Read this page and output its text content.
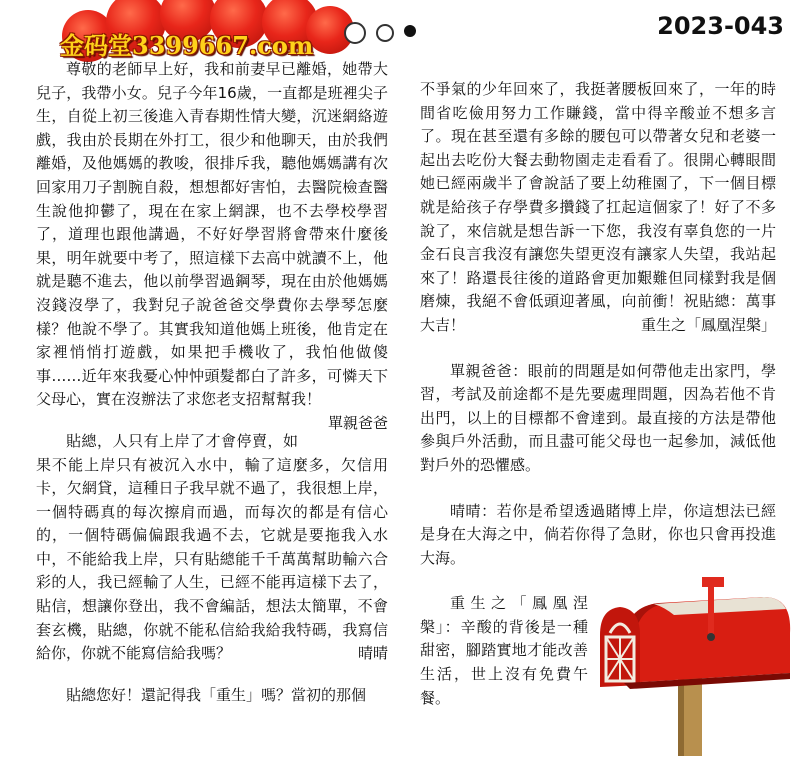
金码堂3399667.com
2023-043

尊敬的老師早上好，我和前妻早已離婚，她帶大兒子，我帶小女。兒子今年16歲，一直都是班裡尖子生，自從上初三後進入青春期性情大變，沉迷網絡遊戲，我由於長期在外打工，很少和他聊天，由於我們離婚，及他媽媽的教唆，很排斥我，聽他媽媽講有次回家用刀子割腕自殺，想想都好害怕，去醫院檢查醫生說他抑鬱了，現在在家上網課，也不去學校學習了，道理也跟他講過，不好好學習將會帶來什麼後果，明年就要中考了，照這樣下去高中就讀不上，他就是聽不進去，他以前學習過鋼琴，現在由於他媽媽沒錢沒學了，我對兒子說爸爸交學費你去學琴怎麼樣？他說不學了。其實我知道他媽上班後，他肯定在家裡悄悄打遊戲，如果把手機收了，我怕他做傻事……近年來我憂心忡忡頭髮都白了許多，可憐天下父母心，實在沒辦法了求您老支招幫幫我！
單親爸爸

貼總，人只有上岸了才會停賣，如果不能上岸只有被沉入水中，輸了這麼多，欠信用卡，欠網貸，這種日子我早就不過了，我很想上岸，一個特碼真的每次擦肩而過，而每次的都是有信心的，一個特碼偏偏跟我過不去，它就是要拖我入水中，不能給我上岸，只有貼總能千千萬萬幫助輸六合彩的人，我已經輸了人生，已經不能再這樣下去了，貼信，想讓你登出，我不會編話，想法太簡單，不會套玄機，貼總，你就不能私信給我給我特碼，我寫信給你，你就不能寫信給我嗎？	晴晴

貼總您好！還記得我「重生」嗎？當初的那個

不爭氣的少年回來了，我挺著腰板回來了，一年的時間省吃儉用努力工作賺錢，當中得辛酸並不想多言了。現在甚至還有多餘的腰包可以帶著女兒和老婆一起出去吃份大餐去動物園走走看看了。很開心轉眼間她已經兩歲半了會說話了要上幼稚園了，下一個目標就是給孩子存學費多攢錢了扛起這個家了！好了不多說了，來信就是想告訴一下您，我沒有辜負您的一片金石良言我沒有讓您失望更沒有讓家人失望，我站起來了！路還長往後的道路會更加艱難但同樣對我是個磨煉，我絕不會低頭迎著風，向前衝！祝貼總：萬事大吉！	重生之「鳳凰涅槃」

單親爸爸：眼前的問題是如何帶他走出家門，學習，考試及前途都不是先要處理問題，因為若他不肯出門，以上的目標都不會達到。最直接的方法是帶他參與戶外活動，而且盡可能父母也一起參加，減低他對戶外的恐懼感。

晴晴：若你是希望透過賭博上岸，你這想法已經是身在大海之中，倘若你得了急財，你也只會再投進大海。

重生之「鳳凰涅槃」：辛酸的背後是一種甜密，腳踏實地才能改善生活，世上沒有免費午餐。
